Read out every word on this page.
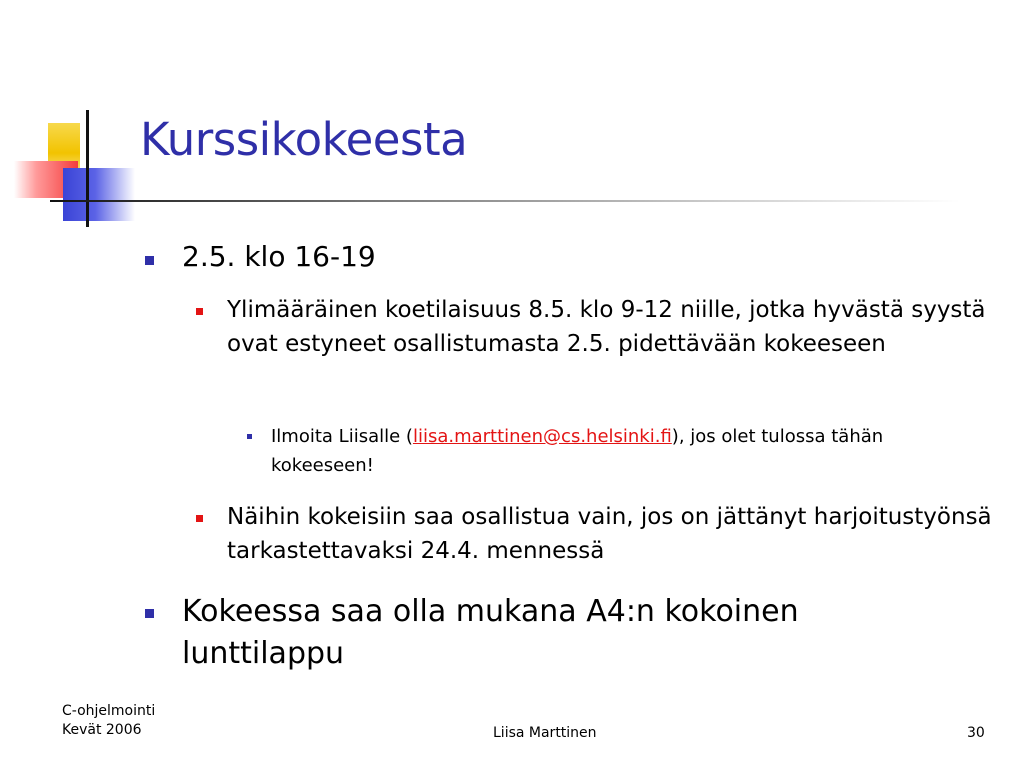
Kurssikokeesta
2.5. klo 16-19
Ylimääräinen koetilaisuus 8.5. klo 9-12 niille, jotka hyvästä syystä ovat estyneet osallistumasta 2.5. pidettävään kokeeseen
Ilmoita Liisalle (liisa.marttinen@cs.helsinki.fi), jos olet tulossa tähän kokeeseen!
Näihin kokeisiin saa osallistua vain, jos on jättänyt harjoitustyönsä tarkastettavaksi 24.4. mennessä
Kokeessa saa olla mukana A4:n kokoinen lunttilappu
C-ohjelmointi
Kevät 2006	Liisa Marttinen	30
